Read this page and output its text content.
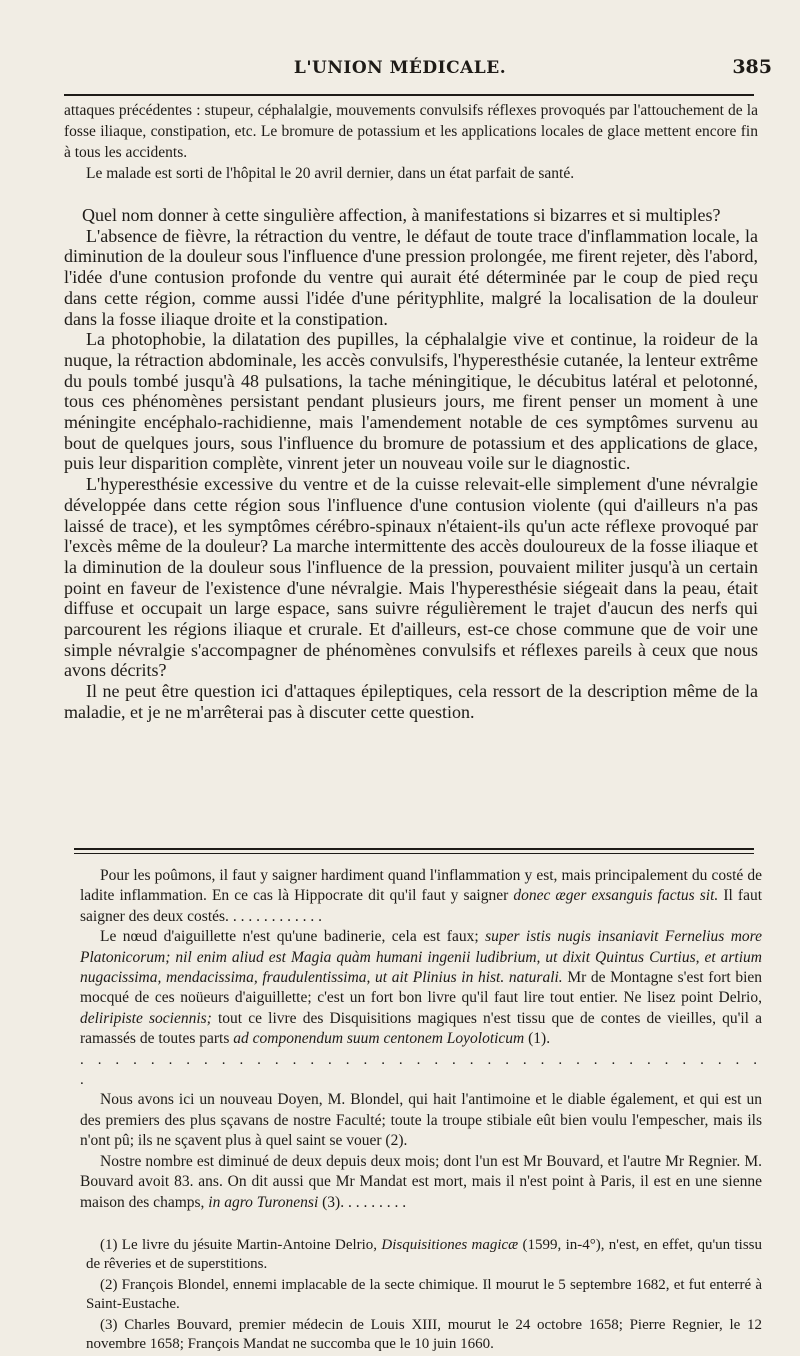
L'UNION MÉDICALE.	385

attaques précédentes : stupeur, céphalalgie, mouvements convulsifs réflexes provoqués par l'attouchement de la fosse iliaque, constipation, etc. Le bromure de potassium et les applications locales de glace mettent encore fin à tous les accidents.

Le malade est sorti de l'hôpital le 20 avril dernier, dans un état parfait de santé.

Quel nom donner à cette singulière affection, à manifestations si bizarres et si multiples?

L'absence de fièvre, la rétraction du ventre, le défaut de toute trace d'inflammation locale, la diminution de la douleur sous l'influence d'une pression prolongée, me firent rejeter, dès l'abord, l'idée d'une contusion profonde du ventre qui aurait été déterminée par le coup de pied reçu dans cette région, comme aussi l'idée d'une pérityphlite, malgré la localisation de la douleur dans la fosse iliaque droite et la constipation.

La photophobie, la dilatation des pupilles, la céphalalgie vive et continue, la roideur de la nuque, la rétraction abdominale, les accès convulsifs, l'hyperesthésie cutanée, la lenteur extrême du pouls tombé jusqu'à 48 pulsations, la tache méningitique, le décubitus latéral et pelotonné, tous ces phénomènes persistant pendant plusieurs jours, me firent penser un moment à une méningite encéphalo-rachidienne, mais l'amendement notable de ces symptômes survenu au bout de quelques jours, sous l'influence du bromure de potassium et des applications de glace, puis leur disparition complète, vinrent jeter un nouveau voile sur le diagnostic.

L'hyperesthésie excessive du ventre et de la cuisse relevait-elle simplement d'une névralgie développée dans cette région sous l'influence d'une contusion violente (qui d'ailleurs n'a pas laissé de trace), et les symptômes cérébro-spinaux n'étaient-ils qu'un acte réflexe provoqué par l'excès même de la douleur? La marche intermittente des accès douloureux de la fosse iliaque et la diminution de la douleur sous l'influence de la pression, pouvaient militer jusqu'à un certain point en faveur de l'existence d'une névralgie. Mais l'hyperesthésie siégeait dans la peau, était diffuse et occupait un large espace, sans suivre régulièrement le trajet d'aucun des nerfs qui parcourent les régions iliaque et crurale. Et d'ailleurs, est-ce chose commune que de voir une simple névralgie s'accompagner de phénomènes convulsifs et réflexes pareils à ceux que nous avons décrits?

Il ne peut être question ici d'attaques épileptiques, cela ressort de la description même de la maladie, et je ne m'arrêterai pas à discuter cette question.

Pour les poûmons, il faut y saigner hardiment quand l'inflammation y est, mais principalement du costé de ladite inflammation. En ce cas là Hippocrate dit qu'il faut y saigner donec æger exsanguis factus sit. Il faut saigner des deux costés. . . . . . . . . . . . .

Le nœud d'aiguillette n'est qu'une badinerie, cela est faux; super istis nugis insaniavit Fernelius more Platonicorum; nil enim aliud est Magia quàm humani ingenii ludibrium, ut dixit Quintus Curtius, et artium nugacissima, mendacissima, fraudulentissima, ut ait Plinius in hist. naturali. Mr de Montagne s'est fort bien mocqué de ces noüeurs d'aiguillette; c'est un fort bon livre qu'il faut lire tout entier. Ne lisez point Delrio, deliripiste sociennis; tout ce livre des Disquisitions magiques n'est tissu que de contes de vieilles, qu'il a ramassés de toutes parts ad componendum suum centonem Loyoloticum (1).

. . . . . . . . . . . . . . . . . . . . . . . . . . . . . . . . . . . . . . . .

Nous avons ici un nouveau Doyen, M. Blondel, qui hait l'antimoine et le diable également, et qui est un des premiers des plus sçavans de nostre Faculté; toute la troupe stibiale eût bien voulu l'empescher, mais ils n'ont pû; ils ne sçavent plus à quel saint se vouer (2).

Nostre nombre est diminué de deux depuis deux mois; dont l'un est Mr Bouvard, et l'autre Mr Regnier. M. Bouvard avoit 83. ans. On dit aussi que Mr Mandat est mort, mais il n'est point à Paris, il est en une sienne maison des champs, in agro Turonensi (3). . . . . . . . .

(1) Le livre du jésuite Martin-Antoine Delrio, Disquisitiones magicæ (1599, in-4°), n'est, en effet, qu'un tissu de rêveries et de superstitions.

(2) François Blondel, ennemi implacable de la secte chimique. Il mourut le 5 septembre 1682, et fut enterré à Saint-Eustache.

(3) Charles Bouvard, premier médecin de Louis XIII, mourut le 24 octobre 1658; Pierre Regnier, le 12 novembre 1658; François Mandat ne succomba que le 10 juin 1660.
